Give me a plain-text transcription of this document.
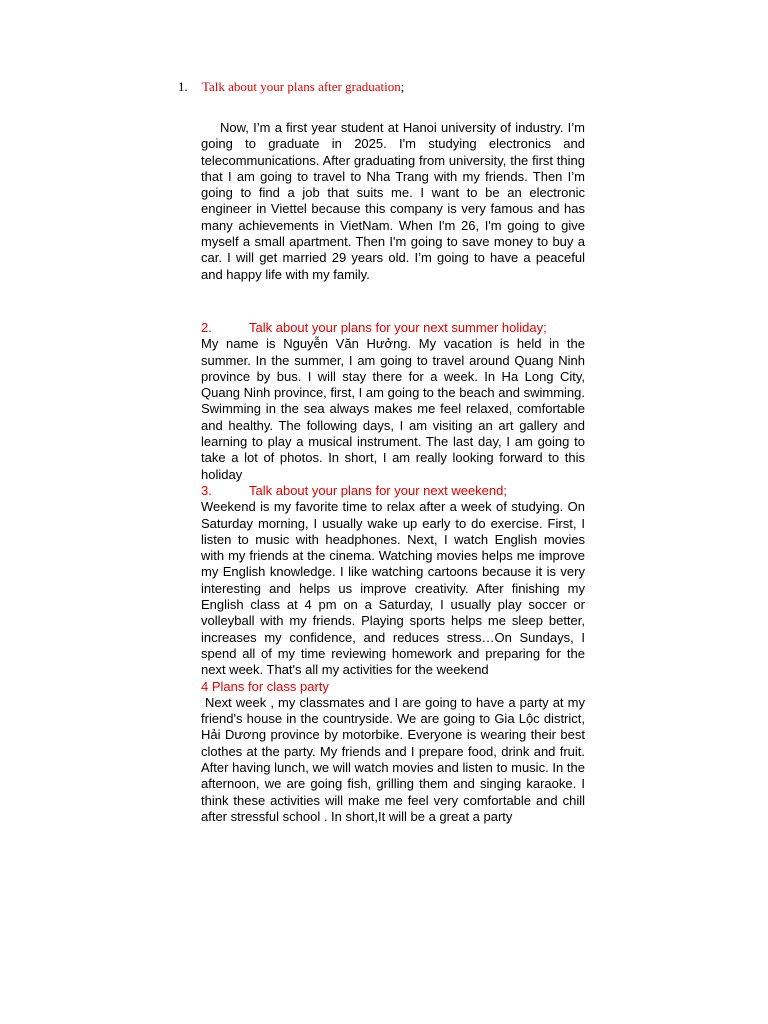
1. Talk about your plans after graduation;

Now, I’m a first year student at Hanoi university of industry. I’m going to graduate in 2025. I'm studying electronics and telecommunications. After graduating from university, the first thing that I am going to travel to Nha Trang with my friends. Then I’m going to find a job that suits me. I want to be an electronic engineer in Viettel because this company is very famous and has many achievements in VietNam. When I'm 26, I'm going to give myself a small apartment. Then I'm going to save money to buy a car. I will get married 29 years old. I’m going to have a peaceful and happy life with my family.

2.	Talk about your plans for your next summer holiday;

My name is Nguyễn Văn Hưởng. My vacation is held in the summer. In the summer, I am going to travel around Quang Ninh province by bus. I will stay there for a week. In Ha Long City, Quang Ninh province, first, I am going to the beach and swimming. Swimming in the sea always makes me feel relaxed, comfortable and healthy. The following days, I am visiting an art gallery and learning to play a musical instrument. The last day, I am going to take a lot of photos. In short, I am really looking forward to this holiday

3.	Talk about your plans for your next weekend;

Weekend is my favorite time to relax after a week of studying. On Saturday morning, I usually wake up early to do exercise. First, I listen to music with headphones. Next, I watch English movies with my friends at the cinema. Watching movies helps me improve my English knowledge. I like watching cartoons because it is very interesting and helps us improve creativity. After finishing my English class at 4 pm on a Saturday, I usually play soccer or volleyball with my friends. Playing sports helps me sleep better, increases my confidence, and reduces stress…On Sundays, I spend all of my time reviewing homework and preparing for the next week. That's all my activities for the weekend

4 Plans for class party

Next week , my classmates and I are going to have a party at my friend's house in the countryside. We are going to Gia Lộc district, Hải Dương province by motorbike. Everyone is wearing their best clothes at the party. My friends and I prepare food, drink and fruit. After having lunch, we will watch movies and listen to music. In the afternoon, we are going fish, grilling them and singing karaoke. I think these activities will make me feel very comfortable and chill after stressful school . In short,It will be a great a party
